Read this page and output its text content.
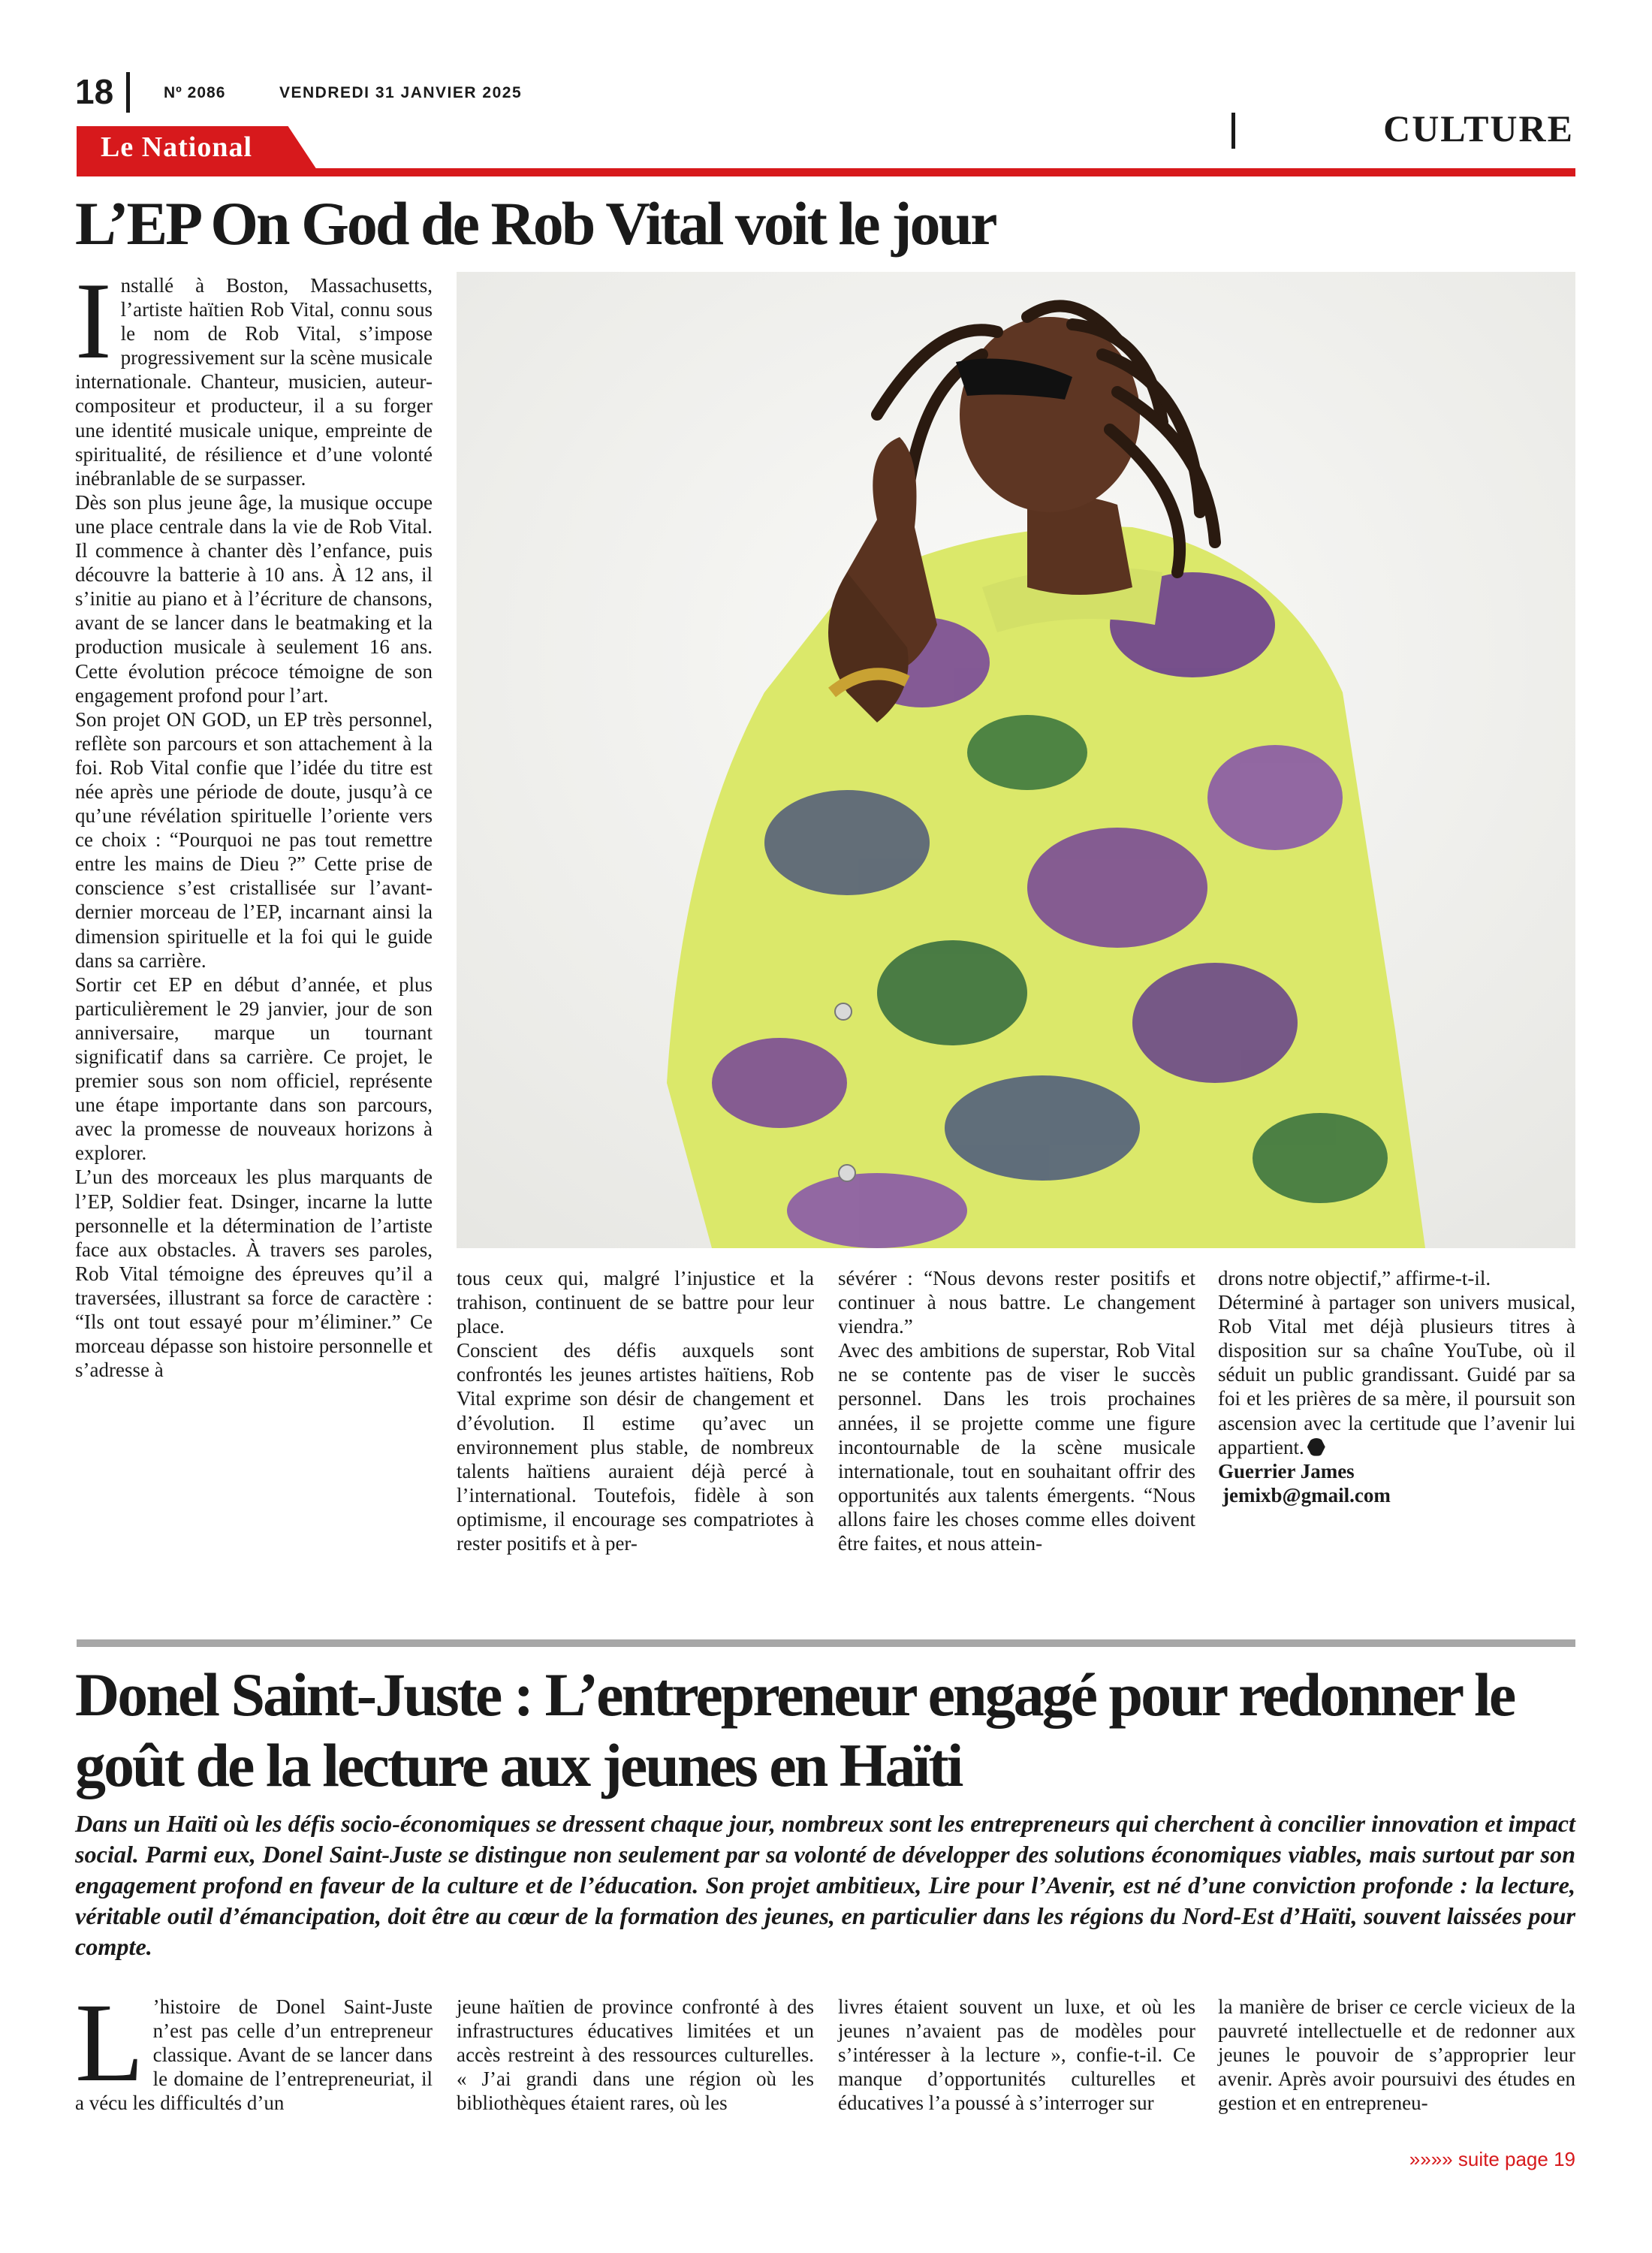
18	Nº 2086	VENDREDI 31 JANVIER 2025
CULTURE
Le National
L’EP On God de Rob Vital voit le jour

Installé à Boston, Massachusetts, l’artiste haïtien Rob Vital, connu sous le nom de Rob Vital, s’impose progressivement sur la scène musicale internationale. Chanteur, musicien, auteur-compositeur et producteur, il a su forger une identité musicale unique, empreinte de spiritualité, de résilience et d’une volonté inébranlable de se surpasser.

Dès son plus jeune âge, la musique occupe une place centrale dans la vie de Rob Vital. Il commence à chanter dès l’enfance, puis découvre la batterie à 10 ans. À 12 ans, il s’initie au piano et à l’écriture de chansons, avant de se lancer dans le beatmaking et la production musicale à seulement 16 ans. Cette évolution précoce témoigne de son engagement profond pour l’art.

Son projet ON GOD, un EP très personnel, reflète son parcours et son attachement à la foi. Rob Vital confie que l’idée du titre est née après une période de doute, jusqu’à ce qu’une révélation spirituelle l’oriente vers ce choix : “Pourquoi ne pas tout remettre entre les mains de Dieu ?” Cette prise de conscience s’est cristallisée sur l’avant-dernier morceau de l’EP, incarnant ainsi la dimension spirituelle et la foi qui le guide dans sa carrière.

Sortir cet EP en début d’année, et plus particulièrement le 29 janvier, jour de son anniversaire, marque un tournant significatif dans sa carrière. Ce projet, le premier sous son nom officiel, représente une étape importante dans son parcours, avec la promesse de nouveaux horizons à explorer.

L’un des morceaux les plus marquants de l’EP, Soldier feat. Dsinger, incarne la lutte personnelle et la détermination de l’artiste face aux obstacles. À travers ses paroles, Rob Vital témoigne des épreuves qu’il a traversées, illustrant sa force de caractère : “Ils ont tout essayé pour m’éliminer.” Ce morceau dépasse son histoire personnelle et s’adresse à

tous ceux qui, malgré l’injustice et la trahison, continuent de se battre pour leur place.

Conscient des défis auxquels sont confrontés les jeunes artistes haïtiens, Rob Vital exprime son désir de changement et d’évolution. Il estime qu’avec un environnement plus stable, de nombreux talents haïtiens auraient déjà percé à l’international. Toutefois, fidèle à son optimisme, il encourage ses compatriotes à rester positifs et à per-

sévérer : “Nous devons rester positifs et continuer à nous battre. Le changement viendra.”

Avec des ambitions de superstar, Rob Vital ne se contente pas de viser le succès personnel. Dans les trois prochaines années, il se projette comme une figure incontournable de la scène musicale internationale, tout en souhaitant offrir des opportunités aux talents émergents. “Nous allons faire les choses comme elles doivent être faites, et nous attein-

drons notre objectif,” affirme-t-il.

Déterminé à partager son univers musical, Rob Vital met déjà plusieurs titres à disposition sur sa chaîne YouTube, où il séduit un public grandissant. Guidé par sa foi et les prières de sa mère, il poursuit son ascension avec la certitude que l’avenir lui appartient.

Guerrier James

jemixb@gmail.com

Donel Saint-Juste : L’entrepreneur engagé pour redonner le goût de la lecture aux jeunes en Haïti

Dans un Haïti où les défis socio-économiques se dressent chaque jour, nombreux sont les entrepreneurs qui cherchent à concilier innovation et impact social. Parmi eux, Donel Saint-Juste se distingue non seulement par sa volonté de développer des solutions économiques viables, mais surtout par son engagement profond en faveur de la culture et de l’éducation. Son projet ambitieux, Lire pour l’Avenir, est né d’une conviction profonde : la lecture, véritable outil d’émancipation, doit être au cœur de la formation des jeunes, en particulier dans les régions du Nord-Est d’Haïti, souvent laissées pour compte.

L ’histoire de Donel Saint-Juste n’est pas celle d’un entrepreneur classique. Avant de se lancer dans le domaine de l’entrepreneuriat, il a vécu les difficultés d’un

jeune haïtien de province confronté à des infrastructures éducatives limitées et un accès restreint à des ressources culturelles. « J’ai grandi dans une région où les bibliothèques étaient rares, où les

livres étaient souvent un luxe, et où les jeunes n’avaient pas de modèles pour s’intéresser à la lecture », confie-t-il. Ce manque d’opportunités culturelles et éducatives l’a poussé à s’interroger sur

la manière de briser ce cercle vicieux de la pauvreté intellectuelle et de redonner aux jeunes le pouvoir de s’approprier leur avenir. Après avoir poursuivi des études en gestion et en entrepreneu-

»»»» suite page 19
